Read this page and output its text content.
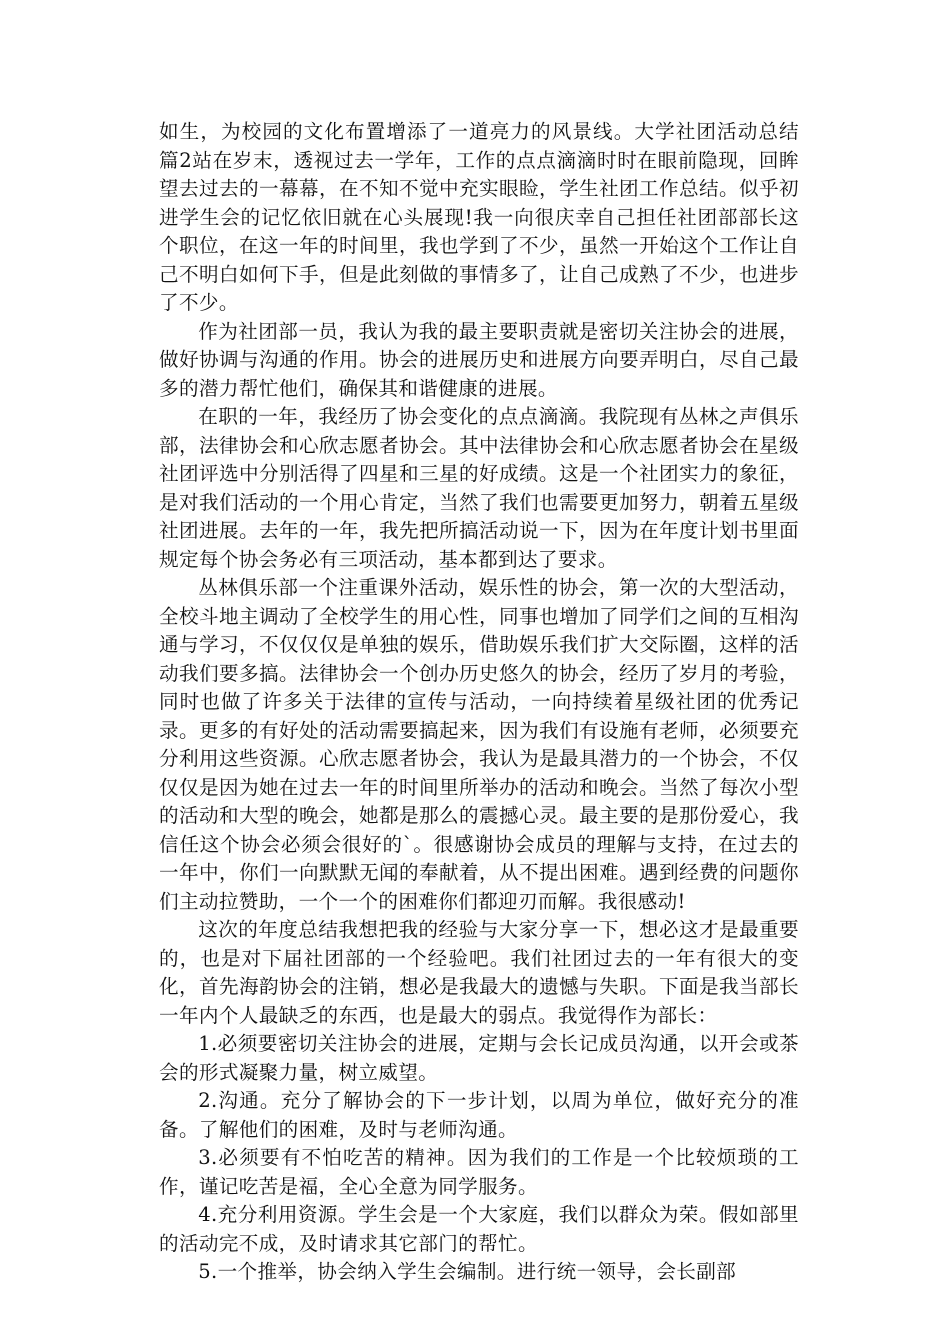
如生，为校园的文化布置增添了一道亮力的风景线。大学社团活动总结 篇2站在岁末，透视过去一学年，工作的点点滴滴时时在眼前隐现，回眸望去过去的一幕幕，在不知不觉中充实眼睑，学生社团工作总结。似乎初进学生会的记忆依旧就在心头展现!我一向很庆幸自己担任社团部部长这个职位，在这一年的时间里，我也学到了不少，虽然一开始这个工作让自己不明白如何下手，但是此刻做的事情多了，让自己成熟了不少，也进步了不少。

作为社团部一员，我认为我的最主要职责就是密切关注协会的进展，做好协调与沟通的作用。协会的进展历史和进展方向要弄明白，尽自己最多的潜力帮忙他们，确保其和谐健康的进展。

在职的一年，我经历了协会变化的点点滴滴。我院现有丛林之声俱乐部，法律协会和心欣志愿者协会。其中法律协会和心欣志愿者协会在星级社团评选中分别活得了四星和三星的好成绩。这是一个社团实力的象征，是对我们活动的一个用心肯定，当然了我们也需要更加努力，朝着五星级社团进展。去年的一年，我先把所搞活动说一下，因为在年度计划书里面规定每个协会务必有三项活动，基本都到达了要求。

丛林俱乐部一个注重课外活动，娱乐性的协会，第一次的大型活动，全校斗地主调动了全校学生的用心性，同事也增加了同学们之间的互相沟通与学习，不仅仅仅是单独的娱乐，借助娱乐我们扩大交际圈，这样的活动我们要多搞。法律协会一个创办历史悠久的协会，经历了岁月的考验，同时也做了许多关于法律的宣传与活动，一向持续着星级社团的优秀记录。更多的有好处的活动需要搞起来，因为我们有设施有老师，必须要充分利用这些资源。心欣志愿者协会，我认为是最具潜力的一个协会，不仅仅仅是因为她在过去一年的时间里所举办的活动和晚会。当然了每次小型的活动和大型的晚会，她都是那么的震撼心灵。最主要的是那份爱心，我信任这个协会必须会很好的`。很感谢协会成员的理解与支持，在过去的一年中，你们一向默默无闻的奉献着，从不提出困难。遇到经费的问题你们主动拉赞助，一个一个的困难你们都迎刃而解。我很感动!

这次的年度总结我想把我的经验与大家分享一下，想必这才是最重要的，也是对下届社团部的一个经验吧。我们社团过去的一年有很大的变化，首先海韵协会的注销，想必是我最大的遗憾与失职。下面是我当部长一年内个人最缺乏的东西，也是最大的弱点。我觉得作为部长：

1.必须要密切关注协会的进展，定期与会长记成员沟通，以开会或茶会的形式凝聚力量，树立威望。

2.沟通。充分了解协会的下一步计划，以周为单位，做好充分的准备。了解他们的困难，及时与老师沟通。

3.必须要有不怕吃苦的精神。因为我们的工作是一个比较烦琐的工作，谨记吃苦是福，全心全意为同学服务。

4.充分利用资源。学生会是一个大家庭，我们以群众为荣。假如部里的活动完不成，及时请求其它部门的帮忙。

5.一个推举，协会纳入学生会编制。进行统一领导，会长副部
